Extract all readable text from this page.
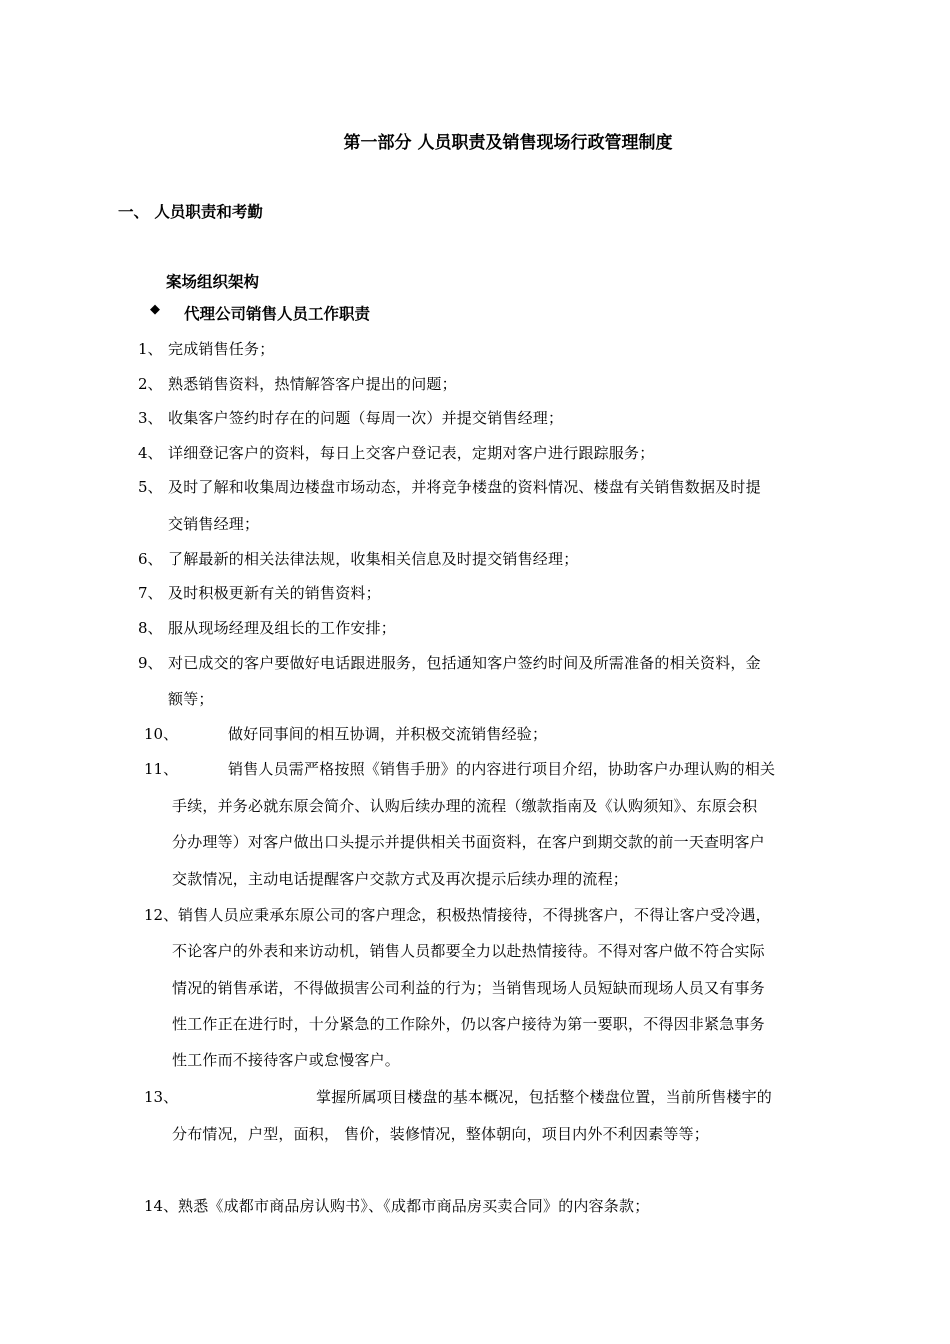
第一部分 人员职责及销售现场行政管理制度
一、 人员职责和考勤
案场组织架构
◆ 代理公司销售人员工作职责
1、 完成销售任务；
2、 熟悉销售资料，热情解答客户提出的问题；
3、 收集客户签约时存在的问题（每周一次）并提交销售经理；
4、 详细登记客户的资料，每日上交客户登记表，定期对客户进行跟踪服务；
5、 及时了解和收集周边楼盘市场动态，并将竞争楼盘的资料情况、楼盘有关销售数据及时提
交销售经理；
6、 了解最新的相关法律法规，收集相关信息及时提交销售经理；
7、 及时积极更新有关的销售资料；
8、 服从现场经理及组长的工作安排；
9、 对已成交的客户要做好电话跟进服务，包括通知客户签约时间及所需准备的相关资料，金
额等；
10、	做好同事间的相互协调，并积极交流销售经验；
11、	销售人员需严格按照《销售手册》的内容进行项目介绍，协助客户办理认购的相关
手续，并务必就东原会简介、认购后续办理的流程（缴款指南及《认购须知》、东原会积
分办理等）对客户做出口头提示并提供相关书面资料，在客户到期交款的前一天查明客户
交款情况，主动电话提醒客户交款方式及再次提示后续办理的流程；
12、 销售人员应秉承东原公司的客户理念，积极热情接待，不得挑客户，不得让客户受冷遇，
不论客户的外表和来访动机，销售人员都要全力以赴热情接待。不得对客户做不符合实际
情况的销售承诺，不得做损害公司利益的行为；当销售现场人员短缺而现场人员又有事务
性工作正在进行时，十分紧急的工作除外，仍以客户接待为第一要职，不得因非紧急事务
性工作而不接待客户或怠慢客户。
13、	掌握所属项目楼盘的基本概况，包括整个楼盘位置，当前所售楼宇的
分布情况，户型，面积， 售价，装修情况，整体朝向，项目内外不利因素等等；
14、 熟悉《成都市商品房认购书》、《成都市商品房买卖合同》的内容条款；
